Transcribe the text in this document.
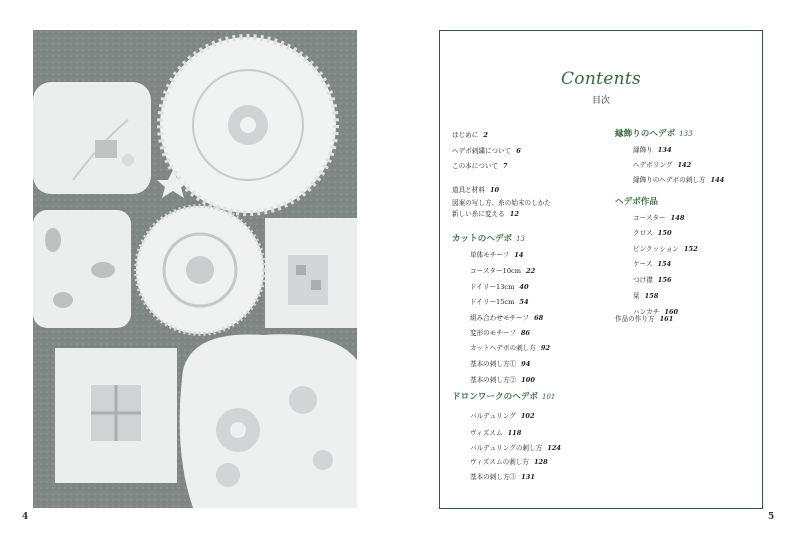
4	5
Contents
目次
はじめに 2
ヘデボ刺繍について 6
この本について 7
道具と材料 10
図案の写し方、糸の始末のしかた
新しい糸に変える 12
カットのヘデボ 13
単体モチーフ 14
コースター10cm 22
ドイリー13cm 40
ドイリー15cm 54
組み合わせモチーフ 68
変形のモチーフ 86
カットヘデボの刺し方 92
基本の刺し方① 94
基本の刺し方② 100
ドロンワークのヘデボ 101
バルデュリング 102
ヴィズスム 118
バルデュリングの刺し方 124
ヴィズスムの刺し方 128
基本の刺し方③ 131
縁飾りのヘデボ 133
縁飾り 134
ヘデボリング 142
縁飾りのヘデボの刺し方 144
ヘデボ作品
コースター 148
クロス 150
ピンクッション 152
ケース 154
つけ襟 156
栞 158
ハンカチ 160
作品の作り方 161
